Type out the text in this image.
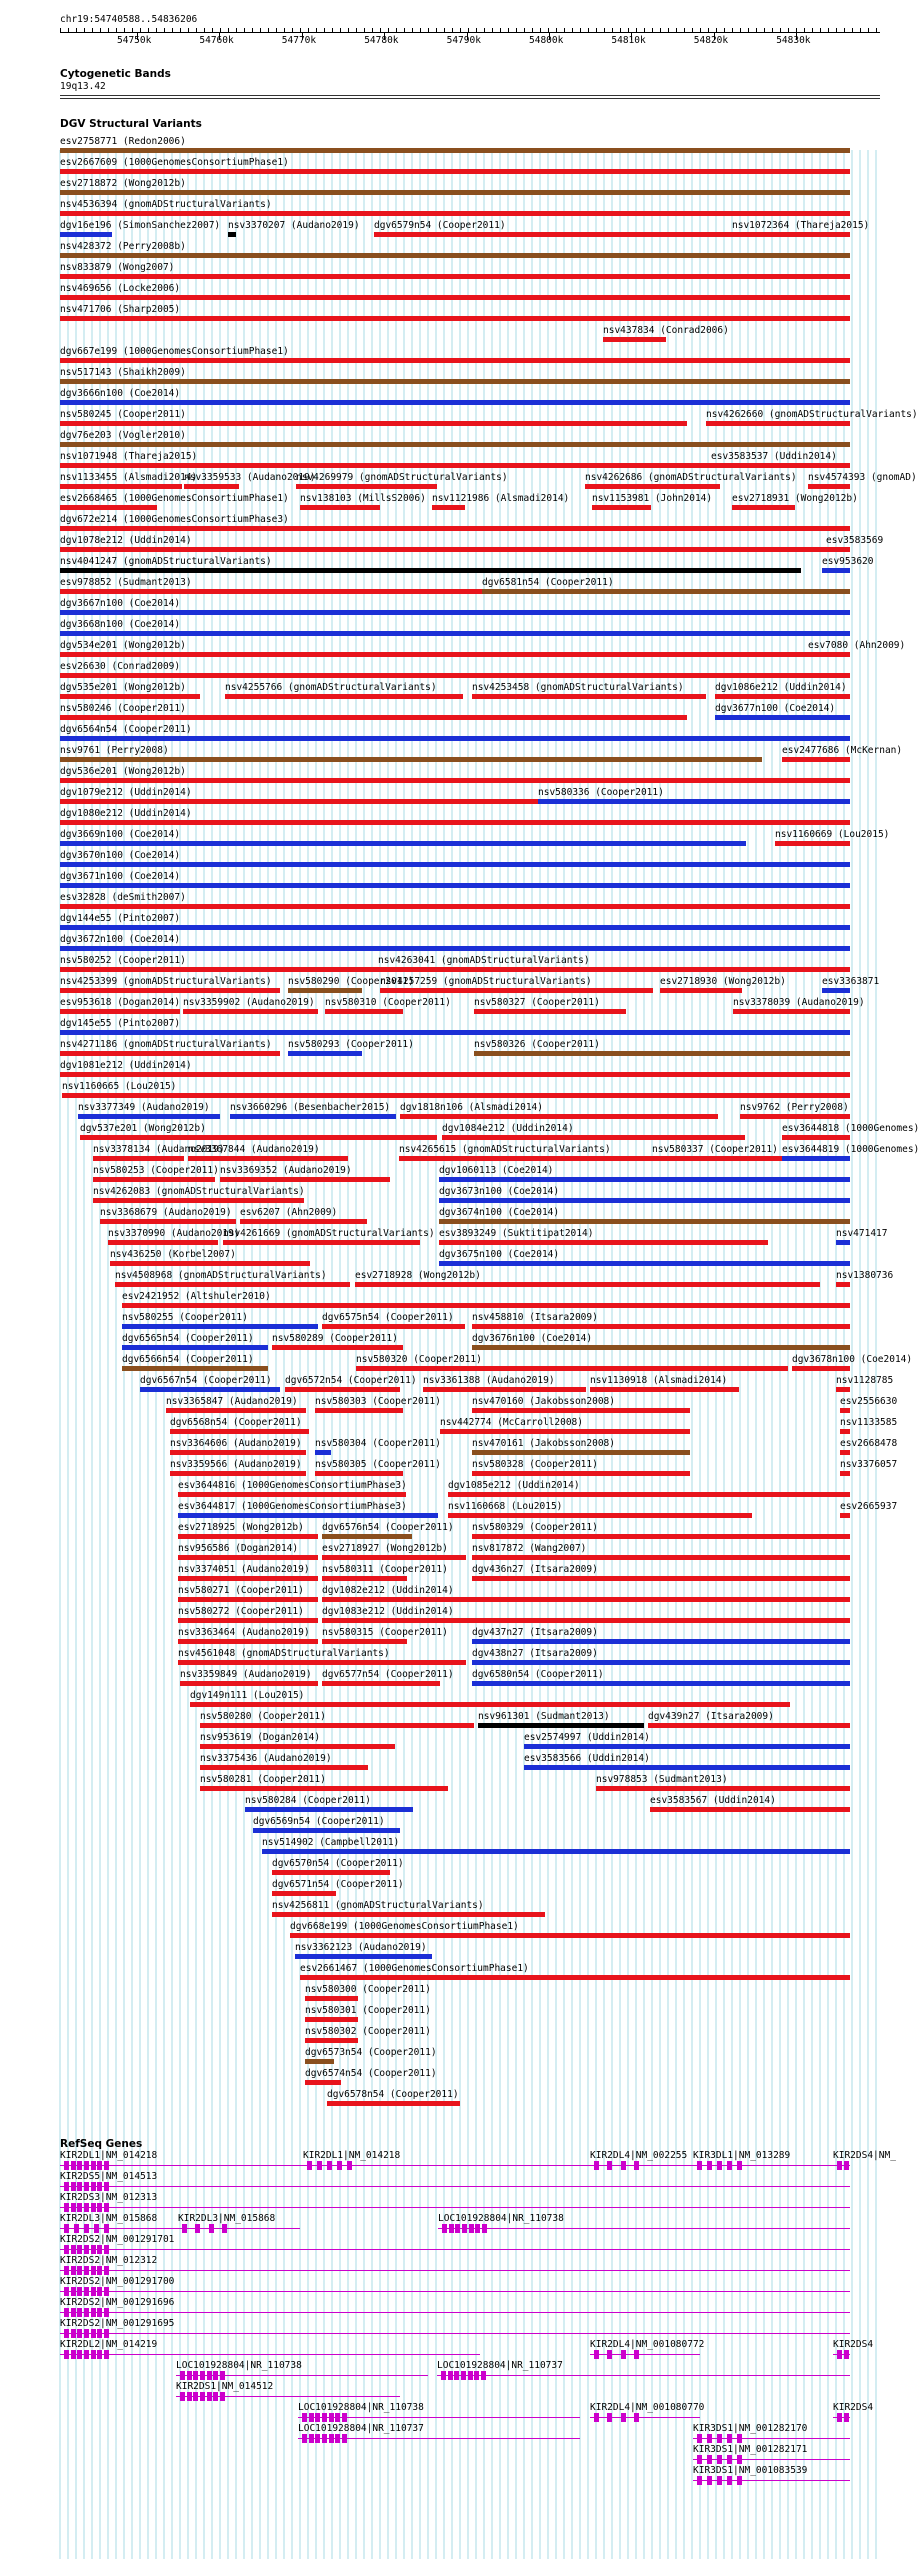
chr19:54740588..54836206
54750k	54760k	54770k	54780k	54790k	54800k	54810k	54820k	54830k
Cytogenetic Bands
19q13.42
DGV Structural Variants
esv2758771 (Redon2006)
esv2667609 (1000GenomesConsortiumPhase1)
esv2718872 (Wong2012b)
nsv4536394 (gnomADStructuralVariants)
dgv16e196 (SimonSanchez2007) nsv3370207 (Audano2019) dgv6579n54 (Cooper2011)	nsv1072364 (Thareja2015)
nsv428372 (Perry2008b)
nsv833879 (Wong2007)
nsv469656 (Locke2006)
nsv471706 (Sharp2005)
nsv437834 (Conrad2006)
dgv667e199 (1000GenomesConsortiumPhase1)
nsv517143 (Shaikh2009)
dgv3666n100 (Coe2014)
nsv580245 (Cooper2011)	nsv4262660 (gnomADStructuralVariants)
dgv76e203 (Vogler2010)
nsv1071948 (Thareja2015)	esv3583537 (Uddin2014)
nsv1133455 (Alsmadi2014)
nsv3359533 (Audano2019)
nsv4269979 (gnomADStructuralVariants)	nsv4262686 (gnomADStructuralVariants) nsv4574393 (gnomAD)
esv2668465 (1000GenomesConsortiumPhase1) nsv138103 (MillsS2006) nsv1121986 (Alsmadi2014) nsv1153981 (John2014) esv2718931 (Wong2012b)
dgv672e214 (1000GenomesConsortiumPhase3)
dgv1078e212 (Uddin2014)	esv3583569
nsv4041247 (gnomADStructuralVariants)	esv953620
esv978852 (Sudmant2013)	dgv6581n54 (Cooper2011)
dgv3667n100 (Coe2014)
dgv3668n100 (Coe2014)
dgv534e201 (Wong2012b)	esv7080 (Ahn2009)
esv26630 (Conrad2009)
dgv535e201 (Wong2012b)	nsv4255766 (gnomADStructuralVariants)	nsv4253458 (gnomADStructuralVariants)	dgv1086e212 (Uddin2014)
nsv580246 (Cooper2011)	dgv3677n100 (Coe2014)
dgv6564n54 (Cooper2011)
nsv9761 (Perry2008)	esv2477686 (McKernan)
dgv536e201 (Wong2012b)
dgv1079e212 (Uddin2014)	nsv580336 (Cooper2011)
dgv1080e212 (Uddin2014)
dgv3669n100 (Coe2014)	nsv1160669 (Lou2015)
dgv3670n100 (Coe2014)
dgv3671n100 (Coe2014)
esv32828 (deSmith2007)
dgv144e55 (Pinto2007)
dgv3672n100 (Coe2014)
nsv580252 (Cooper2011)	nsv4263041 (gnomADStructuralVariants)
nsv4253399 (gnomADStructuralVariants) nsv580290 (Cooper2011)
nsv4257259 (gnomADStructuralVariants)	esv2718930 (Wong2012b)	esv3363871
esv953618 (Dogan2014) nsv3359902 (Audano2019) nsv580310 (Cooper2011) nsv580327 (Cooper2011)	nsv3378039 (Audano2019)
dgv145e55 (Pinto2007)
nsv4271186 (gnomADStructuralVariants) nsv580293 (Cooper2011)	nsv580326 (Cooper2011)
dgv1081e212 (Uddin2014)
nsv1160665 (Lou2015)
nsv3377349 (Audano2019) nsv3660296 (Besenbacher2015) dgv1818n106 (Alsmadi2014)	nsv9762 (Perry2008)
dgv537e201 (Wong2012b)	dgv1084e212 (Uddin2014)	esv3644818 (1000Genomes)
nsv3378134 (Audano2019)
nsv3367844 (Audano2019)	nsv4265615 (gnomADStructuralVariants)	nsv580337 (Cooper2011) esv3644819 (1000Genomes)
nsv580253 (Cooper2011) nsv3369352 (Audano2019)	dgv1060113 (Coe2014)
nsv4262083 (gnomADStructuralVariants)	dgv3673n100 (Coe2014)
nsv3368679 (Audano2019) esv6207 (Ahn2009)	dgv3674n100 (Coe2014)
nsv3370990 (Audano2019)
nsv4261669 (gnomADStructuralVariants) esv3893249 (Suktitipat2014)	nsv471417
nsv436250 (Korbel2007)	dgv3675n100 (Coe2014)
nsv4508968 (gnomADStructuralVariants)	esv2718928 (Wong2012b)	nsv1380736
esv2421952 (Altshuler2010)
nsv580255 (Cooper2011)	dgv6575n54 (Cooper2011) nsv458810 (Itsara2009)
dgv6565n54 (Cooper2011) nsv580289 (Cooper2011)	dgv3676n100 (Coe2014)
dgv6566n54 (Cooper2011)	nsv580320 (Cooper2011)	dgv3678n100 (Coe2014)
dgv6567n54 (Cooper2011) dgv6572n54 (Cooper2011) nsv3361388 (Audano2019)	nsv1130918 (Alsmadi2014)	nsv1128785
nsv3365847 (Audano2019) nsv580303 (Cooper2011)	nsv470160 (Jakobsson2008)	esv2556630
dgv6568n54 (Cooper2011)	nsv442774 (McCarroll2008)	nsv1133585
nsv3364606 (Audano2019) nsv580304 (Cooper2011)	nsv470161 (Jakobsson2008)	esv2668478
nsv3359566 (Audano2019) nsv580305 (Cooper2011)	nsv580328 (Cooper2011)	nsv3376057
esv3644816 (1000GenomesConsortiumPhase3)	dgv1085e212 (Uddin2014)
esv3644817 (1000GenomesConsortiumPhase3)	nsv1160668 (Lou2015)	esv2665937
esv2718925 (Wong2012b) dgv6576n54 (Cooper2011) nsv580329 (Cooper2011)
nsv956586 (Dogan2014)	esv2718927 (Wong2012b)	nsv817872 (Wang2007)
nsv3374051 (Audano2019) nsv580311 (Cooper2011)	dgv436n27 (Itsara2009)
nsv580271 (Cooper2011) dgv1082e212 (Uddin2014)
nsv580272 (Cooper2011) dgv1083e212 (Uddin2014)
nsv3363464 (Audano2019) nsv580315 (Cooper2011)	dgv437n27 (Itsara2009)
nsv4561048 (gnomADStructuralVariants)	dgv438n27 (Itsara2009)
nsv3359849 (Audano2019) dgv6577n54 (Cooper2011) dgv6580n54 (Cooper2011)
dgv149n111 (Lou2015)
nsv580280 (Cooper2011)	nsv961301 (Sudmant2013)	dgv439n27 (Itsara2009)
nsv953619 (Dogan2014)	esv2574997 (Uddin2014)
nsv3375436 (Audano2019)	esv3583566 (Uddin2014)
nsv580281 (Cooper2011)	nsv978853 (Sudmant2013)
nsv580284 (Cooper2011)	esv3583567 (Uddin2014)
dgv6569n54 (Cooper2011)
nsv514902 (Campbell2011)
dgv6570n54 (Cooper2011)
dgv6571n54 (Cooper2011)
nsv4256811 (gnomADStructuralVariants)
dgv668e199 (1000GenomesConsortiumPhase1)
nsv3362123 (Audano2019)
esv2661467 (1000GenomesConsortiumPhase1)
nsv580300 (Cooper2011)
nsv580301 (Cooper2011)
nsv580302 (Cooper2011)
dgv6573n54 (Cooper2011)
dgv6574n54 (Cooper2011)
dgv6578n54 (Cooper2011)
RefSeq Genes
KIR2DL1|NM_014218	KIR2DL1|NM_014218	KIR2DL4|NM_002255 KIR3DL1|NM_013289	KIR2DS4|NM_
KIR2DS5|NM_014513
KIR2DS3|NM_012313
KIR2DL3|NM_015868 KIR2DL3|NM_015868	LOC101928804|NR_110738
KIR2DS2|NM_001291701
KIR2DS2|NM_012312
KIR2DS2|NM_001291700
KIR2DS2|NM_001291696
KIR2DS2|NM_001291695
KIR2DL2|NM_014219	KIR2DL4|NM_001080772	KIR2DS4
LOC101928804|NR_110738	LOC101928804|NR_110737
KIR2DS1|NM_014512
LOC101928804|NR_110738	KIR2DL4|NM_001080770	KIR2DS4
LOC101928804|NR_110737	KIR3DS1|NM_001282170
KIR3DS1|NM_001282171
KIR3DS1|NM_001083539
